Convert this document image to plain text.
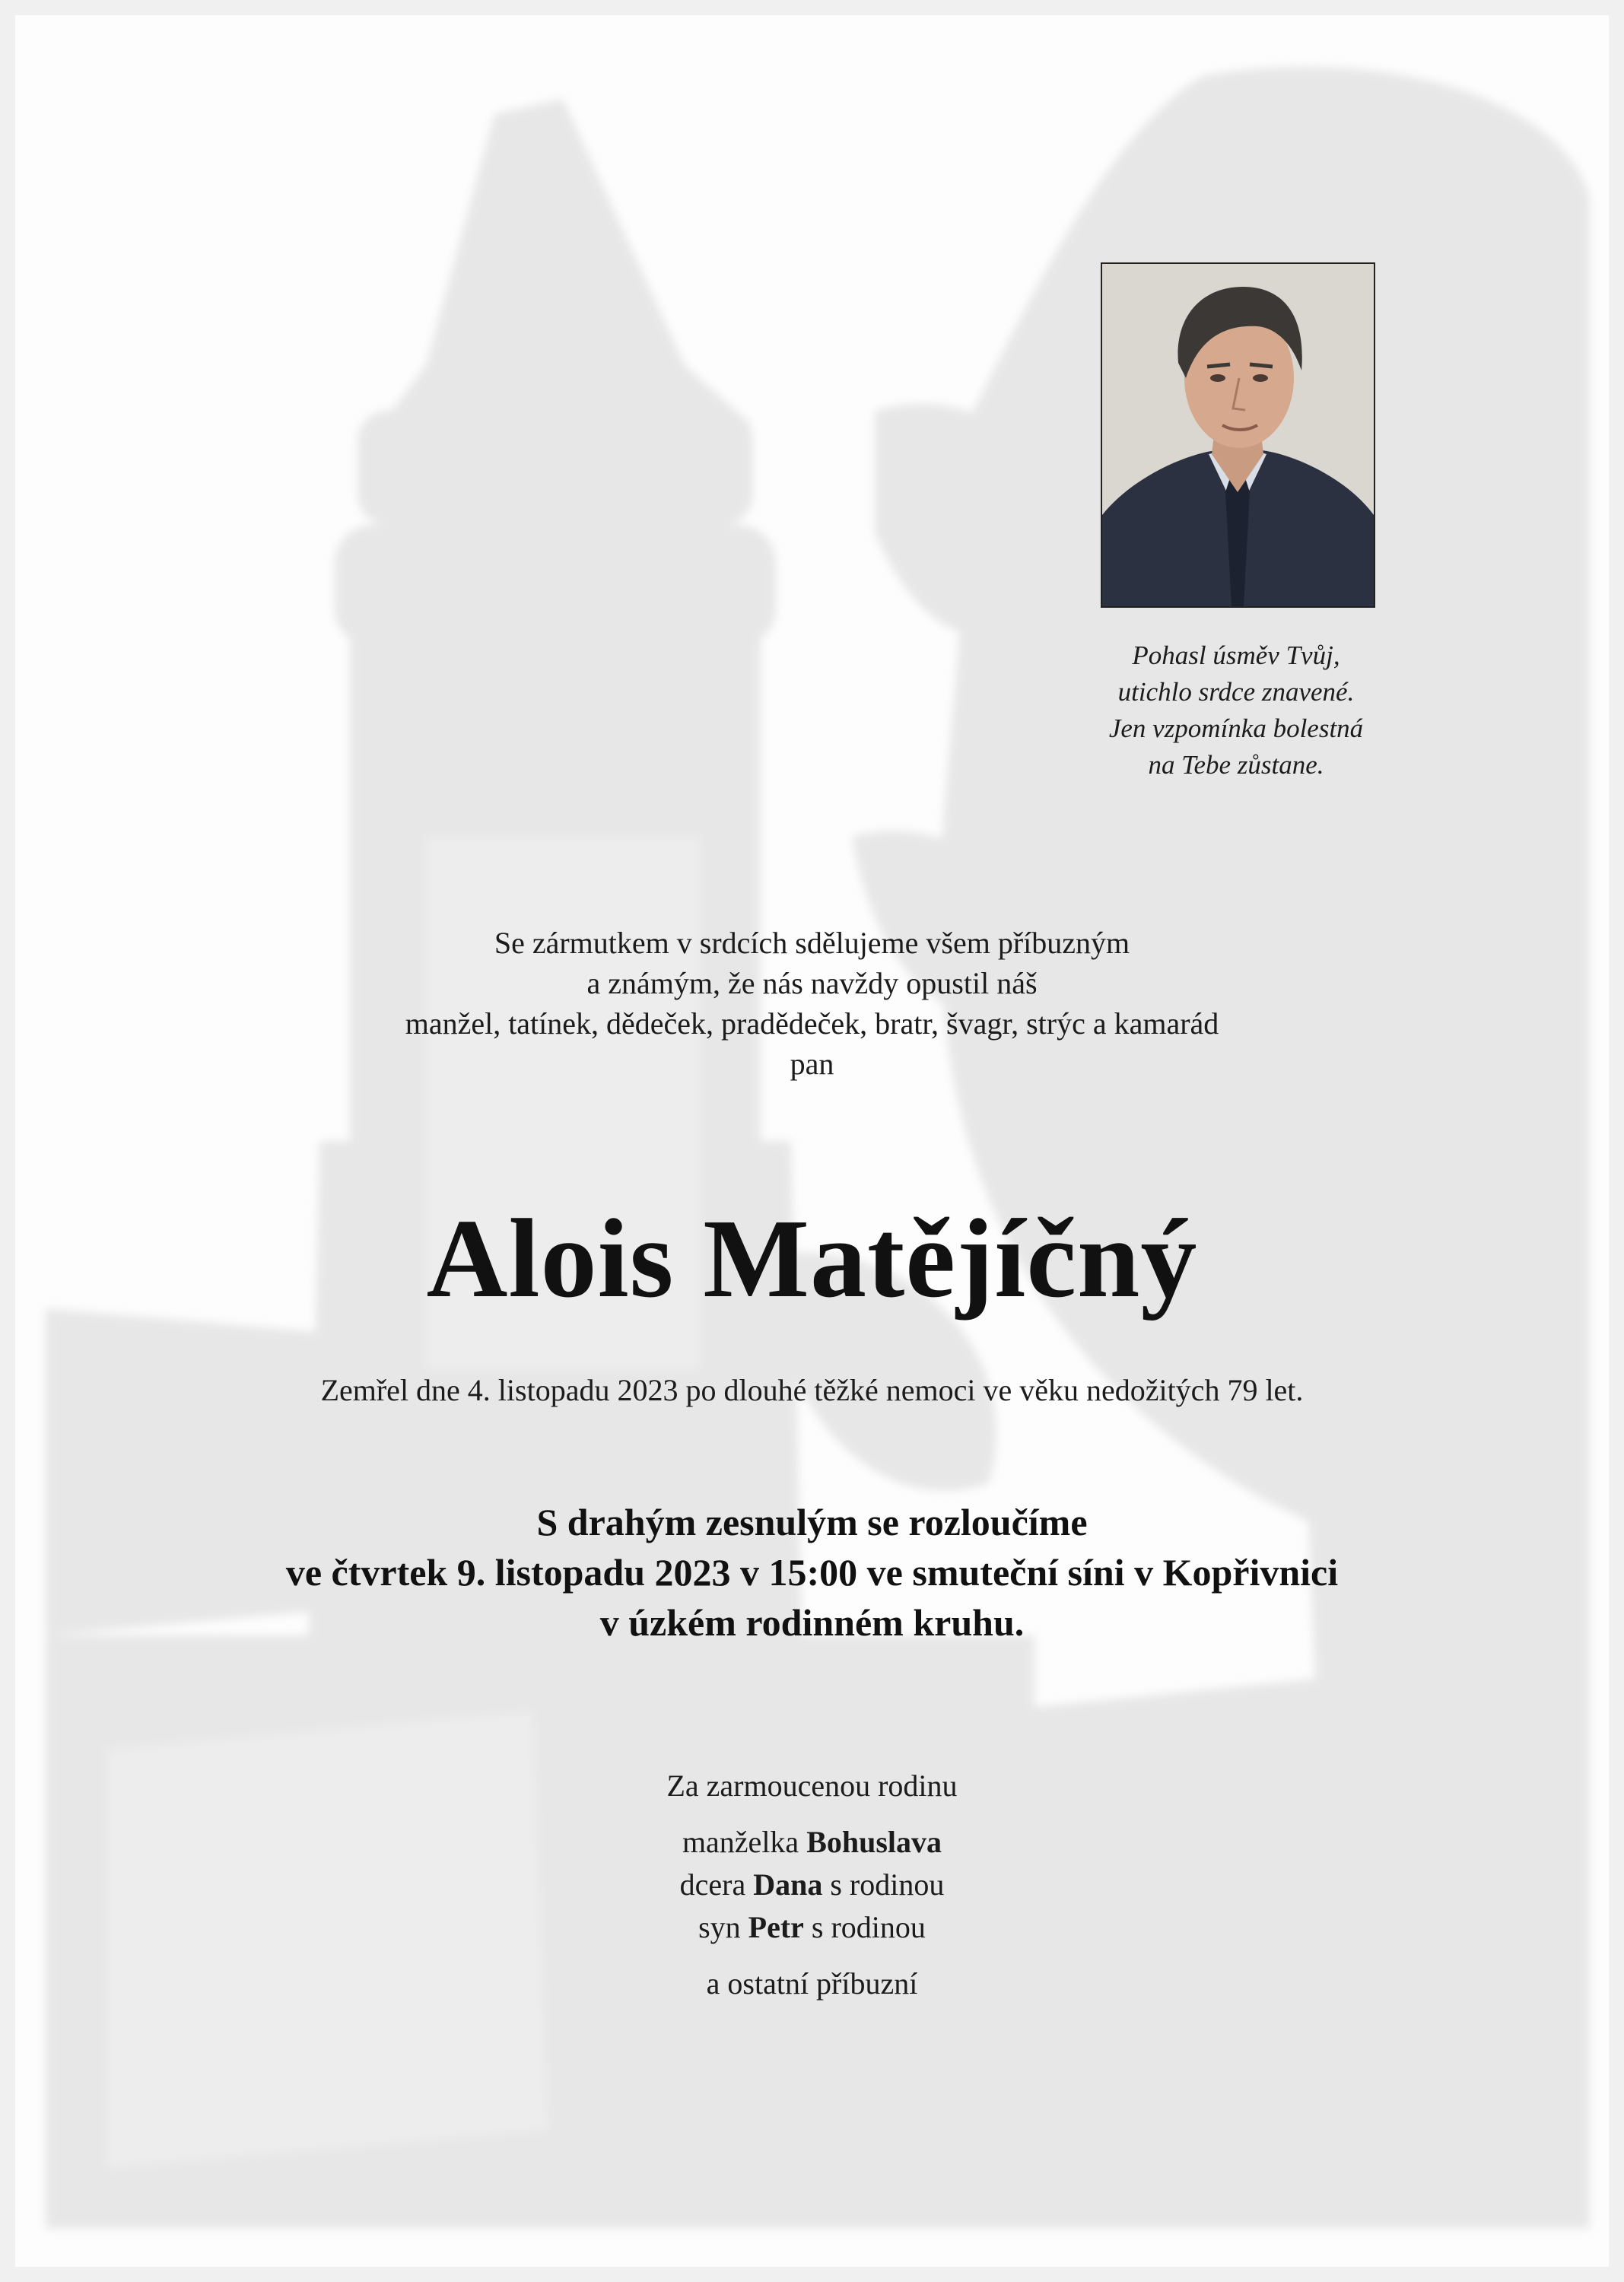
Pohasl úsměv Tvůj,
utichlo srdce znavené.
Jen vzpomínka bolestná
na Tebe zůstane.
Se zármutkem v srdcích sdělujeme všem příbuzným
a známým, že nás navždy opustil náš
manžel, tatínek, dědeček, pradědeček, bratr, švagr, strýc a kamarád
pan
Alois Matějíčný
Zemřel dne 4. listopadu 2023 po dlouhé těžké nemoci ve věku nedožitých 79 let.
S drahým zesnulým se rozloučíme
ve čtvrtek 9. listopadu 2023 v 15:00 ve smuteční síni v Kopřivnici
v úzkém rodinném kruhu.
Za zarmoucenou rodinu
manželka Bohuslava
dcera Dana s rodinou
syn Petr s rodinou
a ostatní příbuzní
